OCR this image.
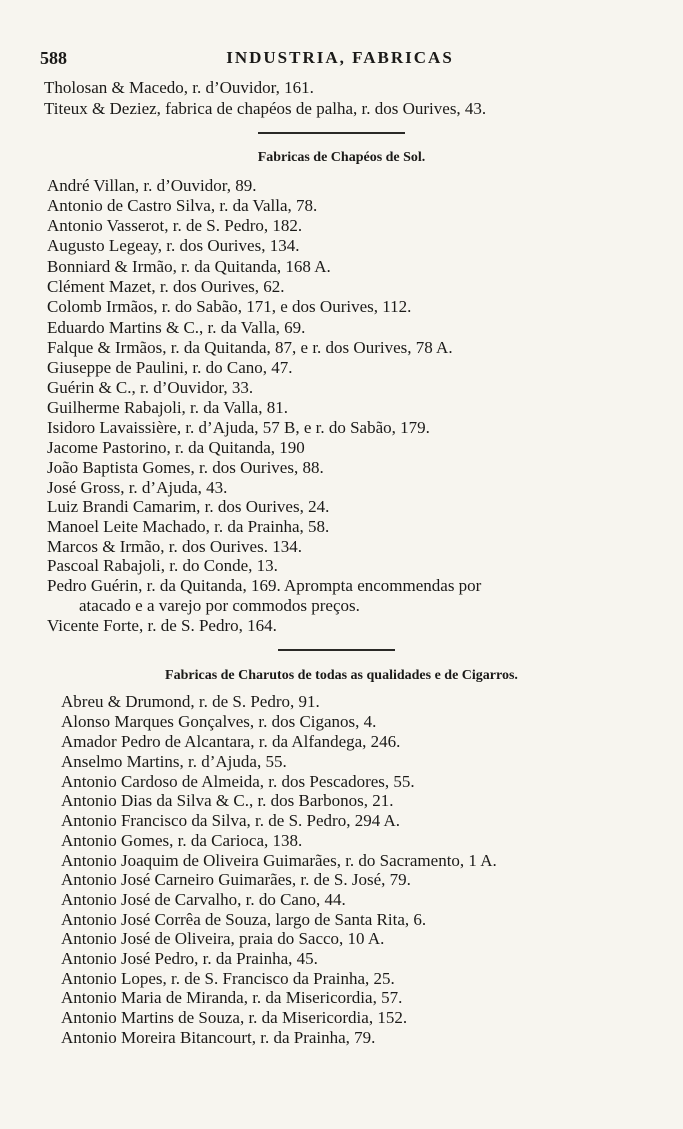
588	INDUSTRIA, FABRICAS
Tholosan & Macedo, r. d’Ouvidor, 161.
Titeux & Deziez, fabrica de chapéos de palha, r. dos Ourives, 43.
Fabricas de Chapéos de Sol.
André Villan, r. d’Ouvidor, 89.
Antonio de Castro Silva, r. da Valla, 78.
Antonio Vasserot, r. de S. Pedro, 182.
Augusto Legeay, r. dos Ourives, 134.
Bonniard & Irmão, r. da Quitanda, 168 A.
Clément Mazet, r. dos Ourives, 62.
Colomb Irmãos, r. do Sabão, 171, e dos Ourives, 112.
Eduardo Martins & C., r. da Valla, 69.
Falque & Irmãos, r. da Quitanda, 87, e r. dos Ourives, 78 A.
Giuseppe de Paulini, r. do Cano, 47.
Guérin & C., r. d’Ouvidor, 33.
Guilherme Rabajoli, r. da Valla, 81.
Isidoro Lavaissière, r. d’Ajuda, 57 B, e r. do Sabão, 179.
Jacome Pastorino, r. da Quitanda, 190
João Baptista Gomes, r. dos Ourives, 88.
José Gross, r. d’Ajuda, 43.
Luiz Brandi Camarim, r. dos Ourives, 24.
Manoel Leite Machado, r. da Prainha, 58.
Marcos & Irmão, r. dos Ourives. 134.
Pascoal Rabajoli, r. do Conde, 13.
Pedro Guérin, r. da Quitanda, 169. Apromptа encommendas por
atacado e a varejo por commodos preços.
Vicente Forte, r. de S. Pedro, 164.
Fabricas de Charutos de todas as qualidades e de Cigarros.
Abreu & Drumond, r. de S. Pedro, 91.
Alonso Marques Gonçalves, r. dos Ciganos, 4.
Amador Pedro de Alcantara, r. da Alfandega, 246.
Anselmo Martins, r. d’Ajuda, 55.
Antonio Cardoso de Almeida, r. dos Pescadores, 55.
Antonio Dias da Silva & C., r. dos Barbonos, 21.
Antonio Francisco da Silva, r. de S. Pedro, 294 A.
Antonio Gomes, r. da Carioca, 138.
Antonio Joaquim de Oliveira Guimarães, r. do Sacramento, 1 A.
Antonio José Carneiro Guimarães, r. de S. José, 79.
Antonio José de Carvalho, r. do Cano, 44.
Antonio José Corrêa de Souza, largo de Santa Rita, 6.
Antonio José de Oliveira, praia do Sacco, 10 A.
Antonio José Pedro, r. da Prainha, 45.
Antonio Lopes, r. de S. Francisco da Prainha, 25.
Antonio Maria de Miranda, r. da Misericordia, 57.
Antonio Martins de Souza, r. da Misericordia, 152.
Antonio Moreira Bitancourt, r. da Prainha, 79.
